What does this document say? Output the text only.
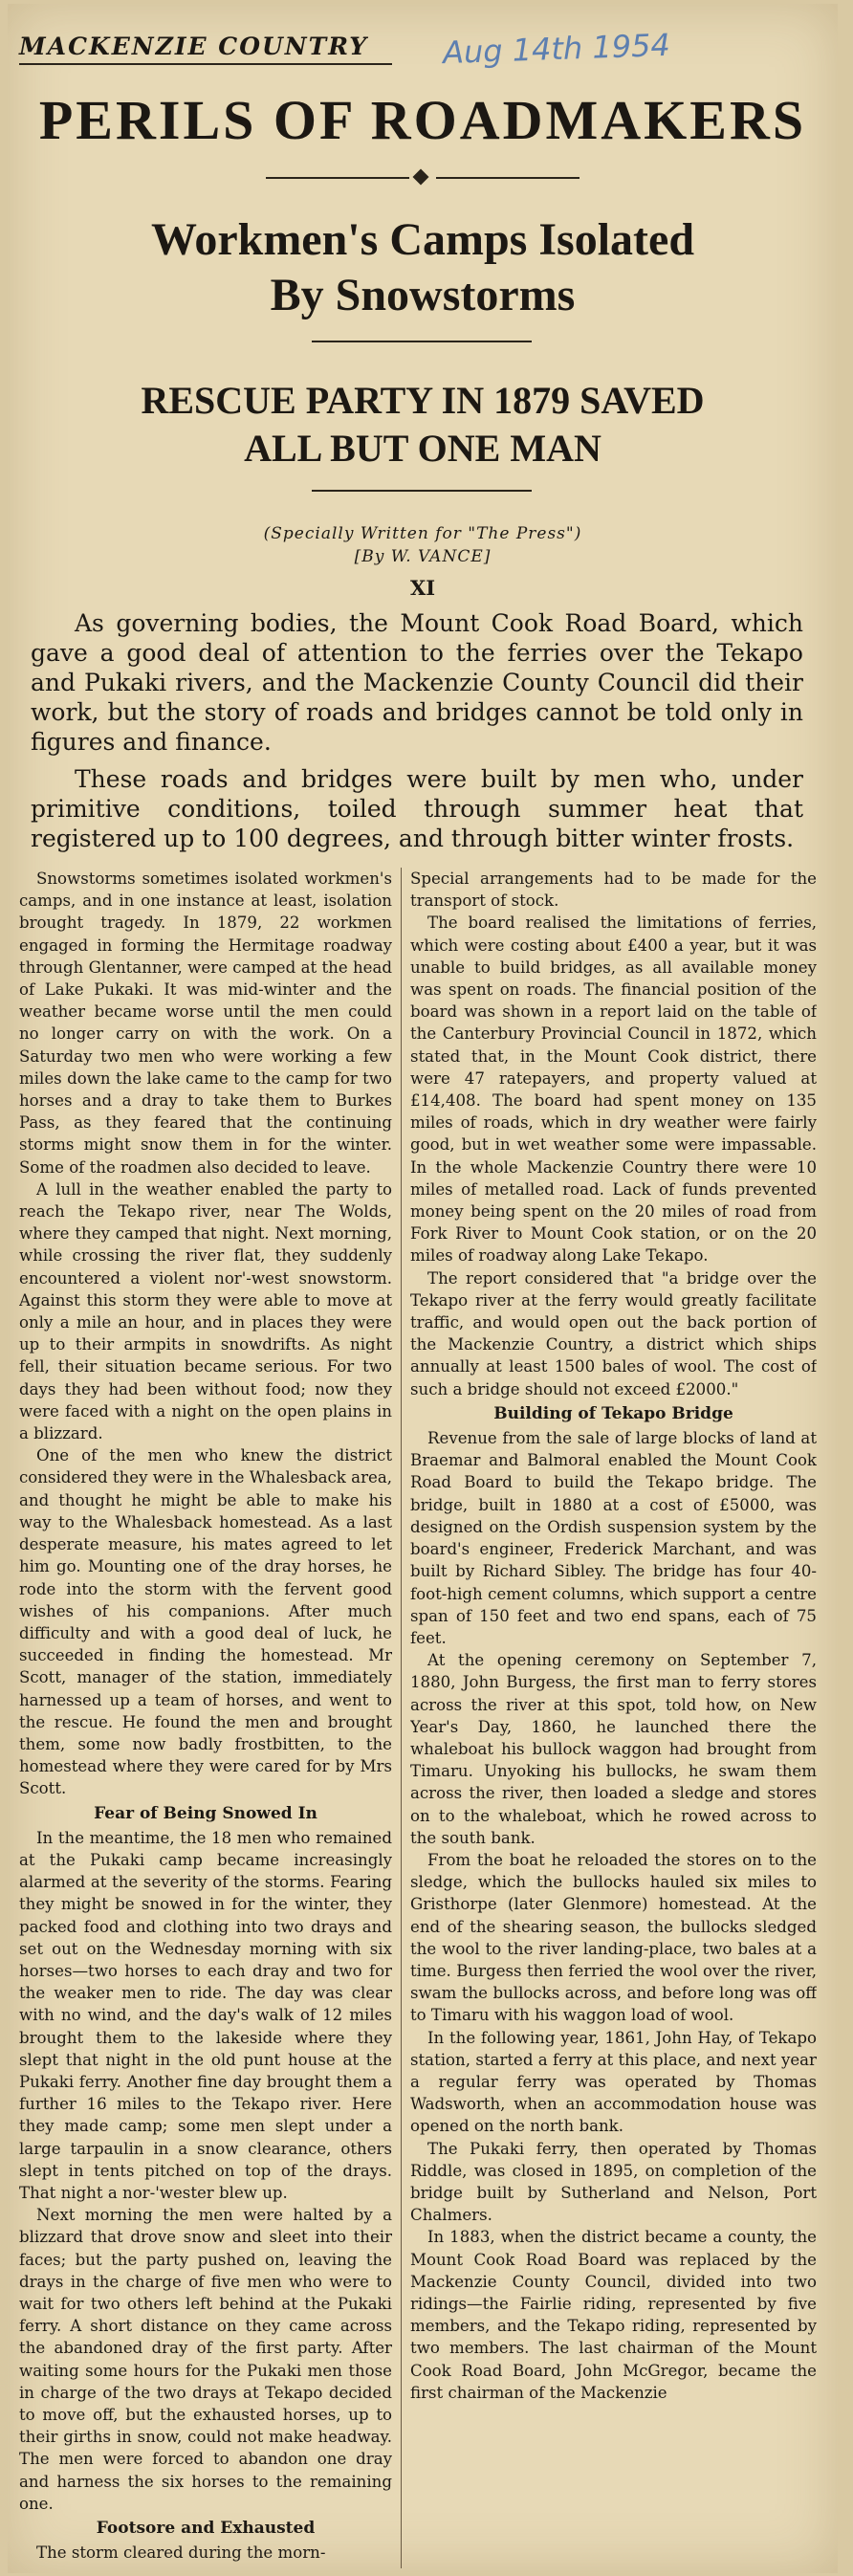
MACKENZIE COUNTRY Aug 14th 1954
PERILS OF ROADMAKERS
Workmen's Camps Isolated
By Snowstorms
RESCUE PARTY IN 1879 SAVED
ALL BUT ONE MAN
(Specially Written for "The Press")
[By W. VANCE]
XI
As governing bodies, the Mount Cook Road Board, which gave a good deal of attention to the ferries over the Tekapo and Pukaki rivers, and the Mackenzie County Council did their work, but the story of roads and bridges cannot be told only in figures and finance.
These roads and bridges were built by men who, under primitive conditions, toiled through summer heat that registered up to 100 degrees, and through bitter winter frosts.

Snowstorms sometimes isolated workmen's camps, and in one instance at least, isolation brought tragedy. In 1879, 22 workmen engaged in forming the Hermitage roadway through Glentanner, were camped at the head of Lake Pukaki. It was mid-winter and the weather became worse until the men could no longer carry on with the work. On a Saturday two men who were working a few miles down the lake came to the camp for two horses and a dray to take them to Burkes Pass, as they feared that the continuing storms might snow them in for the winter. Some of the roadmen also decided to leave.

A lull in the weather enabled the party to reach the Tekapo river, near The Wolds, where they camped that night. Next morning, while crossing the river flat, they suddenly encountered a violent nor'-west snowstorm. Against this storm they were able to move at only a mile an hour, and in places they were up to their armpits in snowdrifts. As night fell, their situation became serious. For two days they had been without food; now they were faced with a night on the open plains in a blizzard.

One of the men who knew the district considered they were in the Whalesback area, and thought he might be able to make his way to the Whalesback homestead. As a last desperate measure, his mates agreed to let him go. Mounting one of the dray horses, he rode into the storm with the fervent good wishes of his companions. After much difficulty and with a good deal of luck, he succeeded in finding the homestead. Mr Scott, manager of the station, immediately harnessed up a team of horses, and went to the rescue. He found the men and brought them, some now badly frostbitten, to the homestead where they were cared for by Mrs Scott.

Fear of Being Snowed In

In the meantime, the 18 men who remained at the Pukaki camp became increasingly alarmed at the severity of the storms. Fearing they might be snowed in for the winter, they packed food and clothing into two drays and set out on the Wednesday morning with six horses—two horses to each dray and two for the weaker men to ride. The day was clear with no wind, and the day's walk of 12 miles brought them to the lakeside where they slept that night in the old punt house at the Pukaki ferry. Another fine day brought them a further 16 miles to the Tekapo river. Here they made camp; some men slept under a large tarpaulin in a snow clearance, others slept in tents pitched on top of the drays. That night a nor-'wester blew up.

Next morning the men were halted by a blizzard that drove snow and sleet into their faces; but the party pushed on, leaving the drays in the charge of five men who were to wait for two others left behind at the Pukaki ferry. A short distance on they came across the abandoned dray of the first party. After waiting some hours for the Pukaki men those in charge of the two drays at Tekapo decided to move off, but the exhausted horses, up to their girths in snow, could not make headway. The men were forced to abandon one dray and harness the six horses to the remaining one.

Footsore and Exhausted

The storm cleared during the morn-

Special arrangements had to be made for the transport of stock.

The board realised the limitations of ferries, which were costing about £400 a year, but it was unable to build bridges, as all available money was spent on roads. The financial position of the board was shown in a report laid on the table of the Canterbury Provincial Council in 1872, which stated that, in the Mount Cook district, there were 47 ratepayers, and property valued at £14,408. The board had spent money on 135 miles of roads, which in dry weather were fairly good, but in wet weather some were impassable. In the whole Mackenzie Country there were 10 miles of metalled road. Lack of funds prevented money being spent on the 20 miles of road from Fork River to Mount Cook station, or on the 20 miles of roadway along Lake Tekapo.

The report considered that "a bridge over the Tekapo river at the ferry would greatly facilitate traffic, and would open out the back portion of the Mackenzie Country, a district which ships annually at least 1500 bales of wool. The cost of such a bridge should not exceed £2000."

Building of Tekapo Bridge

Revenue from the sale of large blocks of land at Braemar and Balmoral enabled the Mount Cook Road Board to build the Tekapo bridge. The bridge, built in 1880 at a cost of £5000, was designed on the Ordish suspension system by the board's engineer, Frederick Marchant, and was built by Richard Sibley. The bridge has four 40-foot-high cement columns, which support a centre span of 150 feet and two end spans, each of 75 feet.

At the opening ceremony on September 7, 1880, John Burgess, the first man to ferry stores across the river at this spot, told how, on New Year's Day, 1860, he launched there the whaleboat his bullock waggon had brought from Timaru. Unyoking his bullocks, he swam them across the river, then loaded a sledge and stores on to the whaleboat, which he rowed across to the south bank.

From the boat he reloaded the stores on to the sledge, which the bullocks hauled six miles to Gristhorpe (later Glenmore) homestead. At the end of the shearing season, the bullocks sledged the wool to the river landing-place, two bales at a time. Burgess then ferried the wool over the river, swam the bullocks across, and before long was off to Timaru with his waggon load of wool.

In the following year, 1861, John Hay, of Tekapo station, started a ferry at this place, and next year a regular ferry was operated by Thomas Wadsworth, when an accommodation house was opened on the north bank.

The Pukaki ferry, then operated by Thomas Riddle, was closed in 1895, on completion of the bridge built by Sutherland and Nelson, Port Chalmers.

In 1883, when the district became a county, the Mount Cook Road Board was replaced by the Mackenzie County Council, divided into two ridings—the Fairlie riding, represented by five members, and the Tekapo riding, represented by two members. The last chairman of the Mount Cook Road Board, John McGregor, became the first chairman of the Mackenzie
